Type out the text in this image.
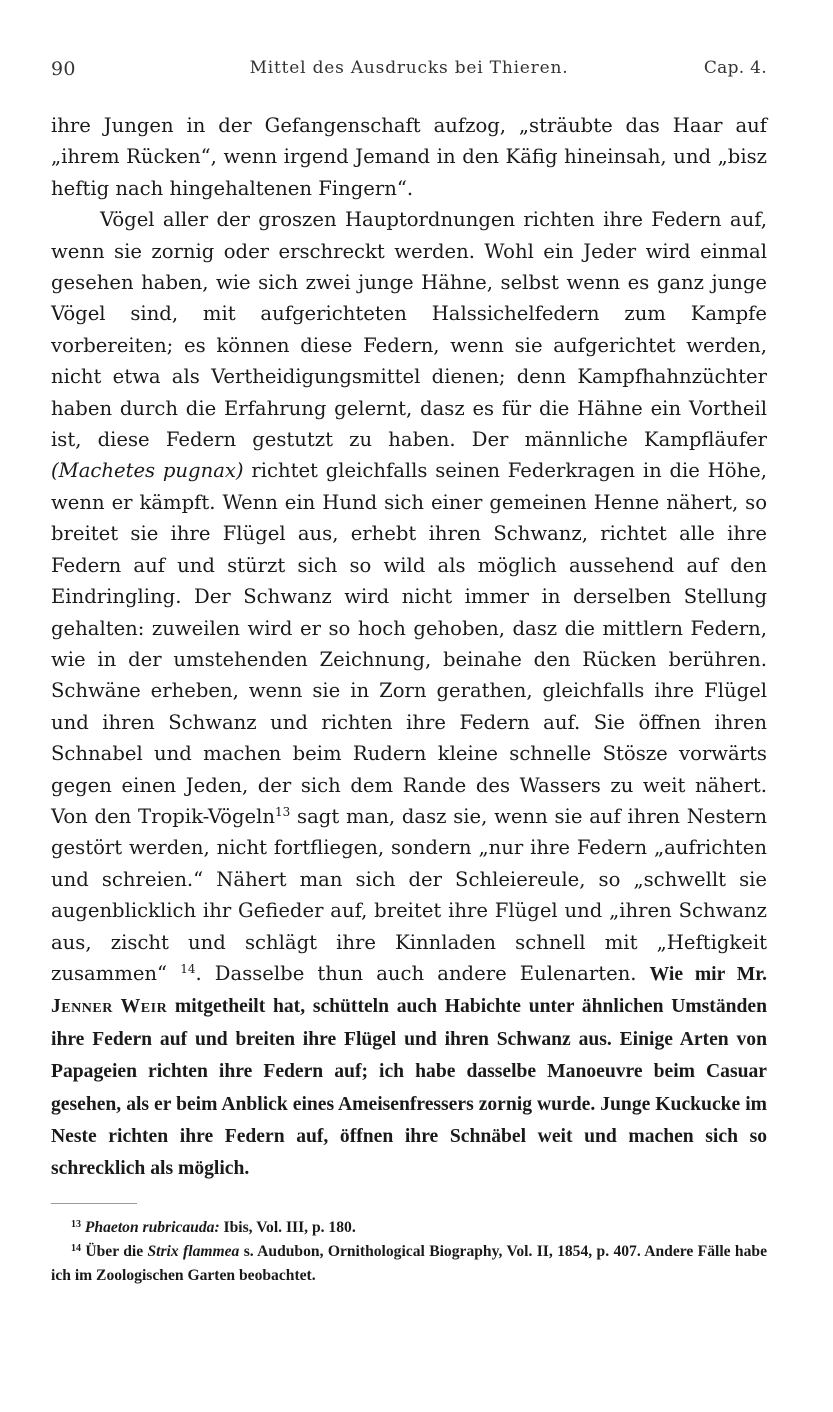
90	Mittel des Ausdrucks bei Thieren.	Cap. 4.

ihre Jungen in der Gefangenschaft aufzog, „sträubte das Haar auf „ihrem Rücken“, wenn irgend Jemand in den Käfig hineinsah, und „bisz heftig nach hingehaltenen Fingern“.

Vögel aller der groszen Hauptordnungen richten ihre Federn auf, wenn sie zornig oder erschreckt werden. Wohl ein Jeder wird einmal gesehen haben, wie sich zwei junge Hähne, selbst wenn es ganz junge Vögel sind, mit aufgerichteten Halssichelfedern zum Kampfe vorbereiten; es können diese Federn, wenn sie aufgerichtet werden, nicht etwa als Vertheidigungsmittel dienen; denn Kampfhahnzüchter haben durch die Erfahrung gelernt, dasz es für die Hähne ein Vortheil ist, diese Federn gestutzt zu haben. Der männliche Kampfläufer (Machetes pugnax) richtet gleichfalls seinen Federkragen in die Höhe, wenn er kämpft. Wenn ein Hund sich einer gemeinen Henne nähert, so breitet sie ihre Flügel aus, erhebt ihren Schwanz, richtet alle ihre Federn auf und stürzt sich so wild als möglich aussehend auf den Eindringling. Der Schwanz wird nicht immer in derselben Stellung gehalten: zuweilen wird er so hoch gehoben, dasz die mittlern Federn, wie in der umstehenden Zeichnung, beinahe den Rücken berühren. Schwäne erheben, wenn sie in Zorn gerathen, gleichfalls ihre Flügel und ihren Schwanz und richten ihre Federn auf. Sie öffnen ihren Schnabel und machen beim Rudern kleine schnelle Stösze vorwärts gegen einen Jeden, der sich dem Rande des Wassers zu weit nähert. Von den Tropik-Vögeln$^{13}$ sagt man, dasz sie, wenn sie auf ihren Nestern gestört werden, nicht fortfliegen, sondern „nur ihre Federn „aufrichten und schreien.“ Nähert man sich der Schleiereule, so „schwellt sie augenblicklich ihr Gefieder auf, breitet ihre Flügel und „ihren Schwanz aus, zischt und schlägt ihre Kinnladen schnell mit „Heftigkeit zusammen“ $^{14}$. Dasselbe thun auch andere Eulenarten. Wie mir Mr. Jenner Weir mitgetheilt hat, schütteln auch Habichte unter ähnlichen Umständen ihre Federn auf und breiten ihre Flügel und ihren Schwanz aus. Einige Arten von Papageien richten ihre Federn auf; ich habe dasselbe Manoeuvre beim Casuar gesehen, als er beim Anblick eines Ameisenfressers zornig wurde. Junge Kuckucke im Neste richten ihre Federn auf, öffnen ihre Schnäbel weit und machen sich so schrecklich als möglich.

$^{13}$ Phaeton rubricauda: Ibis, Vol. III, p. 180.

$^{14}$ Über die Strix flammea s. Audubon, Ornithological Biography, Vol. II, 1854, p. 407. Andere Fälle habe ich im Zoologischen Garten beobachtet.
